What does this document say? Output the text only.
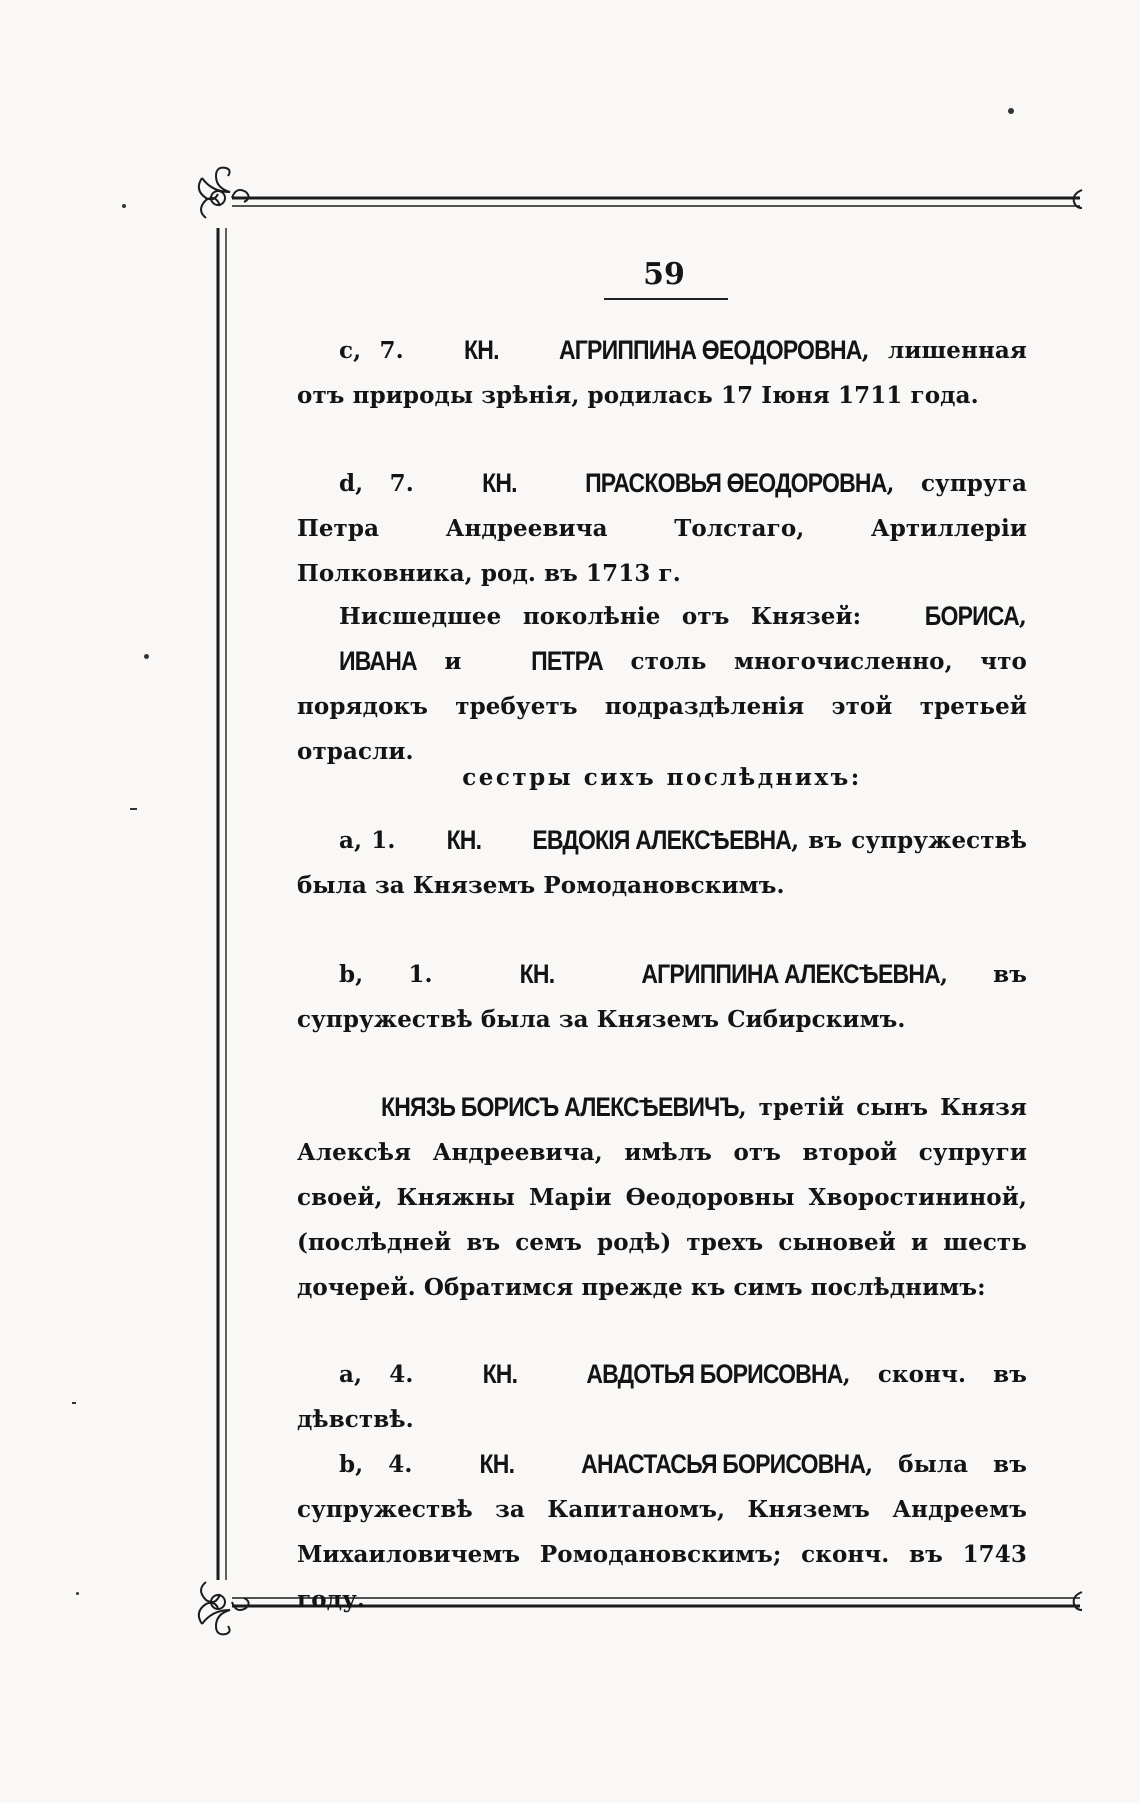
59

c, 7. КН.	АГРИППИНА ӨЕОДОРОВНА, лишенная отъ природы зрѣнія, родилась 17 Іюня 1711 года.

d, 7. КН.	ПРАСКОВЬЯ ӨЕОДОРОВНА, супруга Петра Андреевича Толстаго, Артиллеріи Полковника, род. въ 1713 г.

Нисшедшее поколѣніе отъ Князей: БОРИСА, ИВАНА и ПЕТРА столь многочисленно, что порядокъ требуетъ подраздѣленія этой третьей отрасли.

сестры сихъ послѣднихъ:

a, 1. КН. ЕВДОКІЯ АЛЕКСѢЕВНА, въ супружествѣ была за Княземъ Ромодановскимъ.

b, 1. КН.	АГРИППИНА АЛЕКСѢЕВНА, въ супружествѣ была за Княземъ Сибирскимъ.

КНЯЗЬ БОРИСЪ АЛЕКСѢЕВИЧЪ, третій сынъ Князя Алексѣя Андреевича, имѣлъ отъ второй супруги своей, Княжны Маріи Өеодоровны Хворостининой, (послѣдней въ семъ родѣ) трехъ сыновей и шесть дочерей. Обратимся прежде къ симъ послѣднимъ:

a, 4. КН.	АВДОТЬЯ БОРИСОВНА, сконч. въ дѣвствѣ.

b, 4. КН.	АНАСТАСЬЯ БОРИСОВНА, была въ супружествѣ за Капитаномъ, Княземъ Андреемъ Михаиловичемъ Ромодановскимъ; сконч. въ 1743 году.
